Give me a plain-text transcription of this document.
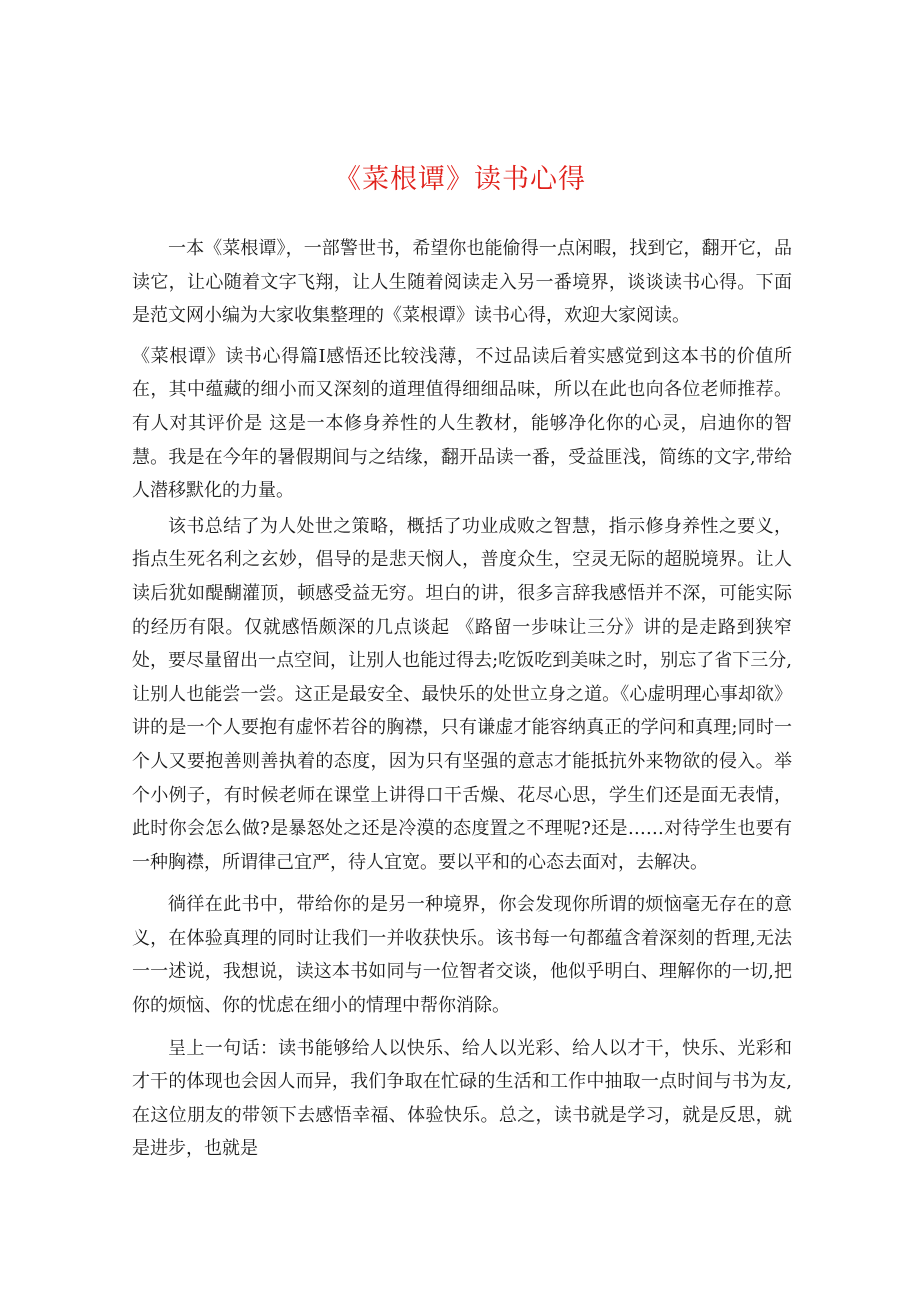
《菜根谭》读书心得

一本《菜根谭》，一部警世书，希望你也能偷得一点闲暇，找到它，翻开它，品读它，让心随着文字飞翔，让人生随着阅读走入另一番境界，谈谈读书心得。下面是范文网小编为大家收集整理的《菜根谭》读书心得，欢迎大家阅读。

《菜根谭》读书心得篇Ⅰ感悟还比较浅薄，不过品读后着实感觉到这本书的价值所在，其中蕴藏的细小而又深刻的道理值得细细品味，所以在此也向各位老师推荐。有人对其评价是 这是一本修身养性的人生教材，能够净化你的心灵，启迪你的智慧。我是在今年的暑假期间与之结缘，翻开品读一番，受益匪浅，简练的文字,带给人潜移默化的力量。

该书总结了为人处世之策略，概括了功业成败之智慧，指示修身养性之要义，指点生死名利之玄妙，倡导的是悲天悯人，普度众生，空灵无际的超脱境界。让人读后犹如醍醐灌顶，顿感受益无穷。坦白的讲，很多言辞我感悟并不深，可能实际的经历有限。仅就感悟颇深的几点谈起 《路留一步味让三分》讲的是走路到狭窄处，要尽量留出一点空间，让别人也能过得去;吃饭吃到美味之时，别忘了省下三分,让别人也能尝一尝。这正是最安全、最快乐的处世立身之道。《心虚明理心事却欲》讲的是一个人要抱有虚怀若谷的胸襟，只有谦虚才能容纳真正的学问和真理;同时一个人又要抱善则善执着的态度，因为只有坚强的意志才能抵抗外来物欲的侵入。举个小例子，有时候老师在课堂上讲得口干舌燥、花尽心思，学生们还是面无表情，此时你会怎么做?是暴怒处之还是冷漠的态度置之不理呢?还是……对待学生也要有一种胸襟，所谓律己宜严，待人宜宽。要以平和的心态去面对，去解决。

徜徉在此书中，带给你的是另一种境界，你会发现你所谓的烦恼毫无存在的意义，在体验真理的同时让我们一并收获快乐。该书每一句都蕴含着深刻的哲理,无法一一述说，我想说，读这本书如同与一位智者交谈，他似乎明白、理解你的一切,把你的烦恼、你的忧虑在细小的情理中帮你消除。

呈上一句话：读书能够给人以快乐、给人以光彩、给人以才干，快乐、光彩和才干的体现也会因人而异，我们争取在忙碌的生活和工作中抽取一点时间与书为友,在这位朋友的带领下去感悟幸福、体验快乐。总之，读书就是学习，就是反思，就是进步，也就是
